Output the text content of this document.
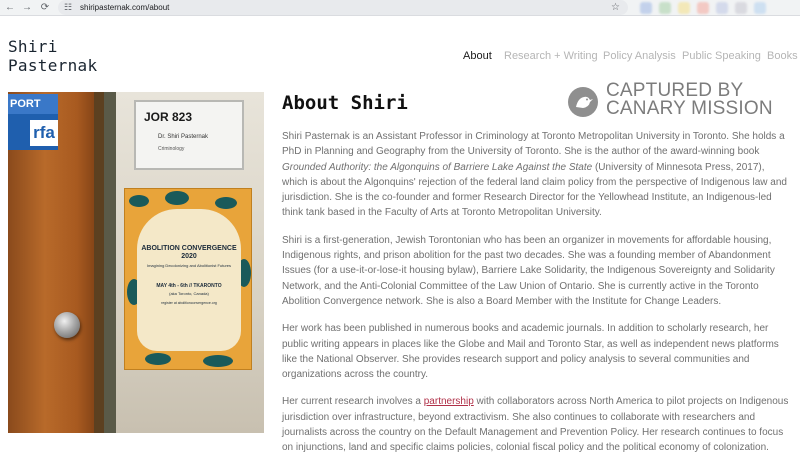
← → ⟳	☷ shiripasternak.com/about	☆
Shiri Pasternak	About Research + Writing Policy Analysis Public Speaking Books
PORT
rfa
JOR 823
Dr. Shiri Pasternak
Criminology
ABOLITION CONVERGENCE 2020
Imagining Decolonizing and Abolitionist Futures
MAY 4th - 6th // TKARONTO
(aka Toronto, Canada)
register at abolitionconvergence.org
About Shiri
CAPTURED BY
CANARY MISSION

Shiri Pasternak is an Assistant Professor in Criminology at Toronto Metropolitan University in Toronto. She holds a PhD in Planning and Geography from the University of Toronto. She is the author of the award-winning book Grounded Authority: the Algonquins of Barriere Lake Against the State (University of Minnesota Press, 2017), which is about the Algonquins' rejection of the federal land claim policy from the perspective of Indigenous law and jurisdiction. She is the co-founder and former Research Director for the Yellowhead Institute, an Indigenous-led think tank based in the Faculty of Arts at Toronto Metropolitan University.

Shiri is a first-generation, Jewish Torontonian who has been an organizer in movements for affordable housing, Indigenous rights, and prison abolition for the past two decades. She was a founding member of Abandonment Issues (for a use-it-or-lose-it housing bylaw), Barriere Lake Solidarity, the Indigenous Sovereignty and Solidarity Network, and the Anti-Colonial Committee of the Law Union of Ontario. She is currently active in the Toronto Abolition Convergence network. She is also a Board Member with the Institute for Change Leaders.

Her work has been published in numerous books and academic journals. In addition to scholarly research, her public writing appears in places like the Globe and Mail and Toronto Star, as well as independent news platforms like the National Observer. She provides research support and policy analysis to several communities and organizations across the country.

Her current research involves a partnership with collaborators across North America to pilot projects on Indigenous jurisdiction over infrastructure, beyond extractivism. She also continues to collaborate with researchers and journalists across the country on the Default Management and Prevention Policy. Her research continues to focus on injunctions, land and specific claims policies, colonial fiscal policy and the political economy of colonization.
